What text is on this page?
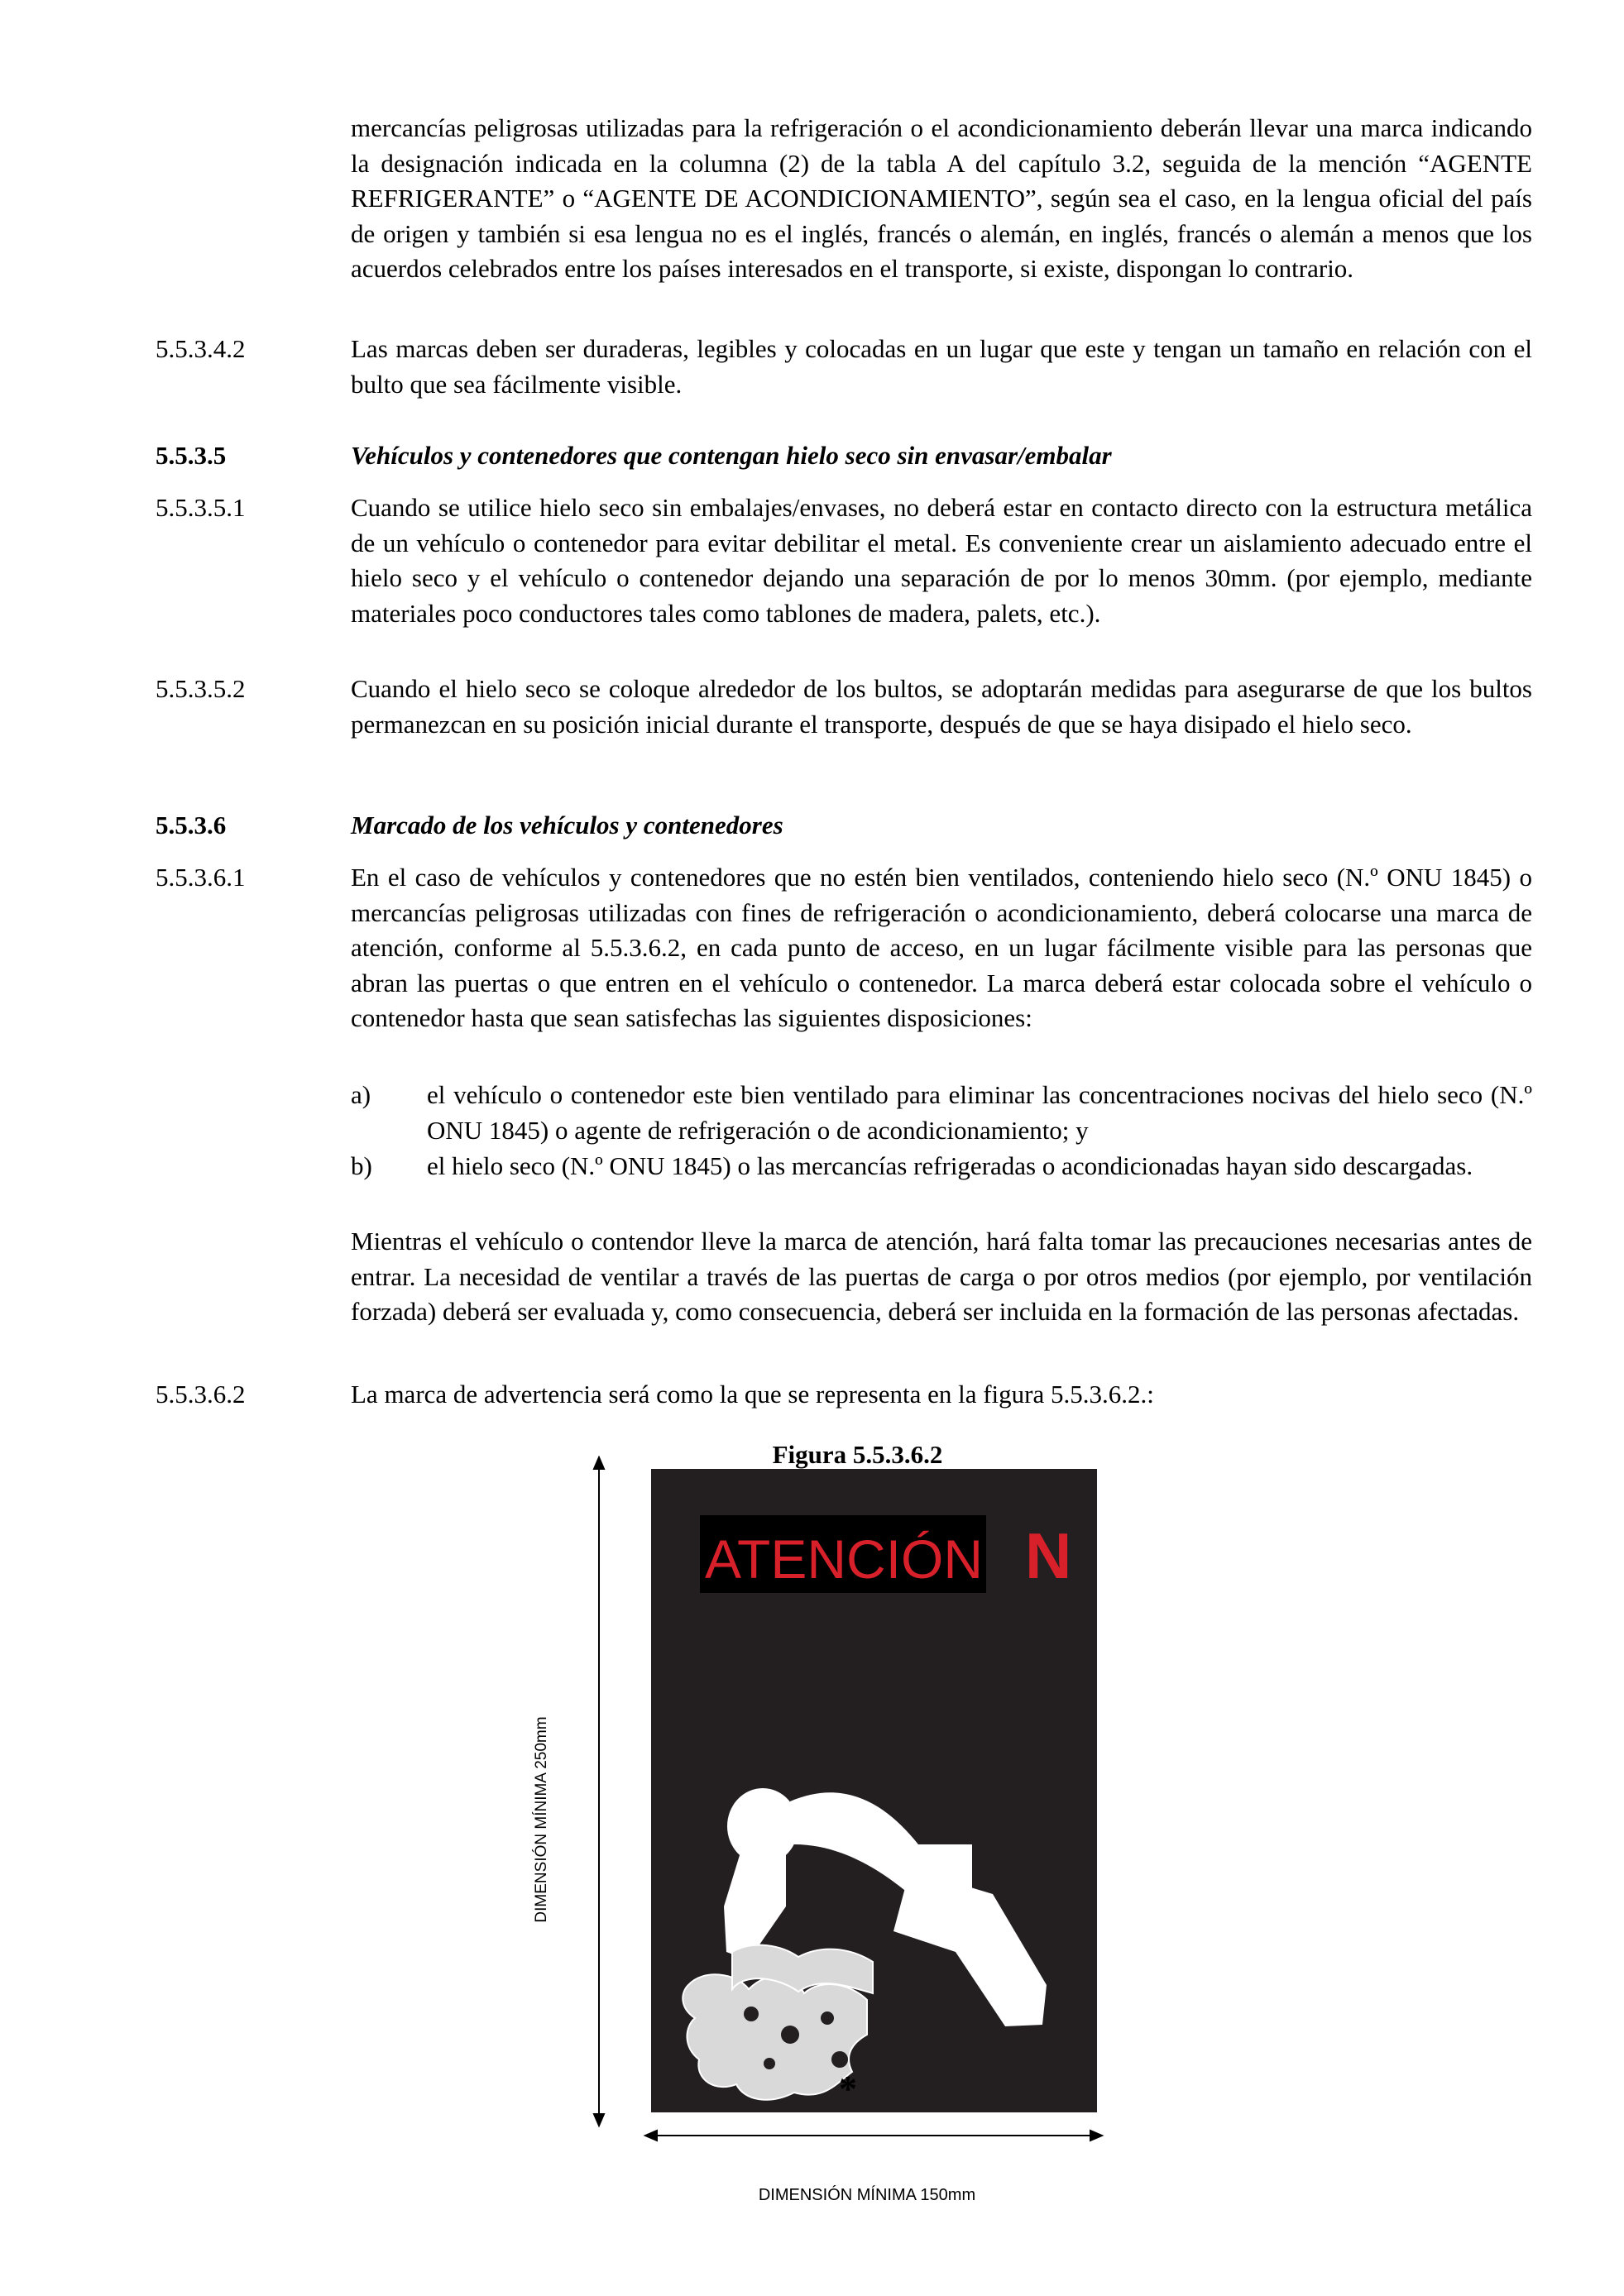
mercancías peligrosas utilizadas para la refrigeración o el acondicionamiento deberán llevar una marca indicando la designación indicada en la columna (2) de la tabla A del capítulo 3.2, seguida de la mención “AGENTE REFRIGERANTE” o “AGENTE DE ACONDICIONAMIENTO”, según sea el caso, en la lengua oficial del país de origen y también si esa lengua no es el inglés, francés o alemán, en inglés, francés o alemán a menos que los acuerdos celebrados entre los países interesados en el transporte, si existe, dispongan lo contrario.

5.5.3.4.2	Las marcas deben ser duraderas, legibles y colocadas en un lugar que este y tengan un tamaño en relación con el bulto que sea fácilmente visible.

5.5.3.5	Vehículos y contenedores que contengan hielo seco sin envasar/embalar
5.5.3.5.1	Cuando se utilice hielo seco sin embalajes/envases, no deberá estar en contacto directo con la estructura metálica de un vehículo o contenedor para evitar debilitar el metal. Es conveniente crear un aislamiento adecuado entre el hielo seco y el vehículo o contenedor dejando una separación de por lo menos 30mm. (por ejemplo, mediante materiales poco conductores tales como tablones de madera, palets, etc.).

5.5.3.5.2	Cuando el hielo seco se coloque alrededor de los bultos, se adoptarán medidas para asegurarse de que los bultos permanezcan en su posición inicial durante el transporte, después de que se haya disipado el hielo seco.

5.5.3.6	Marcado de los vehículos y contenedores
5.5.3.6.1	En el caso de vehículos y contenedores que no estén bien ventilados, conteniendo hielo seco (N.º ONU 1845) o mercancías peligrosas utilizadas con fines de refrigeración o acondicionamiento, deberá colocarse una marca de atención, conforme al 5.5.3.6.2, en cada punto de acceso, en un lugar fácilmente visible para las personas que abran las puertas o que entren en el vehículo o contenedor. La marca deberá estar colocada sobre el vehículo o contenedor hasta que sean satisfechas las siguientes disposiciones:

a) el vehículo o contenedor este bien ventilado para eliminar las concentraciones nocivas del hielo seco (N.º ONU 1845) o agente de refrigeración o de acondicionamiento; y

b) el hielo seco (N.º ONU 1845) o las mercancías refrigeradas o acondicionadas hayan sido descargadas.

Mientras el vehículo o contendor lleve la marca de atención, hará falta tomar las precauciones necesarias antes de entrar. La necesidad de ventilar a través de las puertas de carga o por otros medios (por ejemplo, por ventilación forzada) deberá ser evaluada y, como consecuencia, deberá ser incluida en la formación de las personas afectadas.

5.5.3.6.2	La marca de advertencia será como la que se representa en la figura 5.5.3.6.2.:

Figura 5.5.3.6.2
DIMENSIÓN MÍNIMA 250mm
N
ATENCIÓN
*
DIMENSIÓN MÍNIMA 150mm
